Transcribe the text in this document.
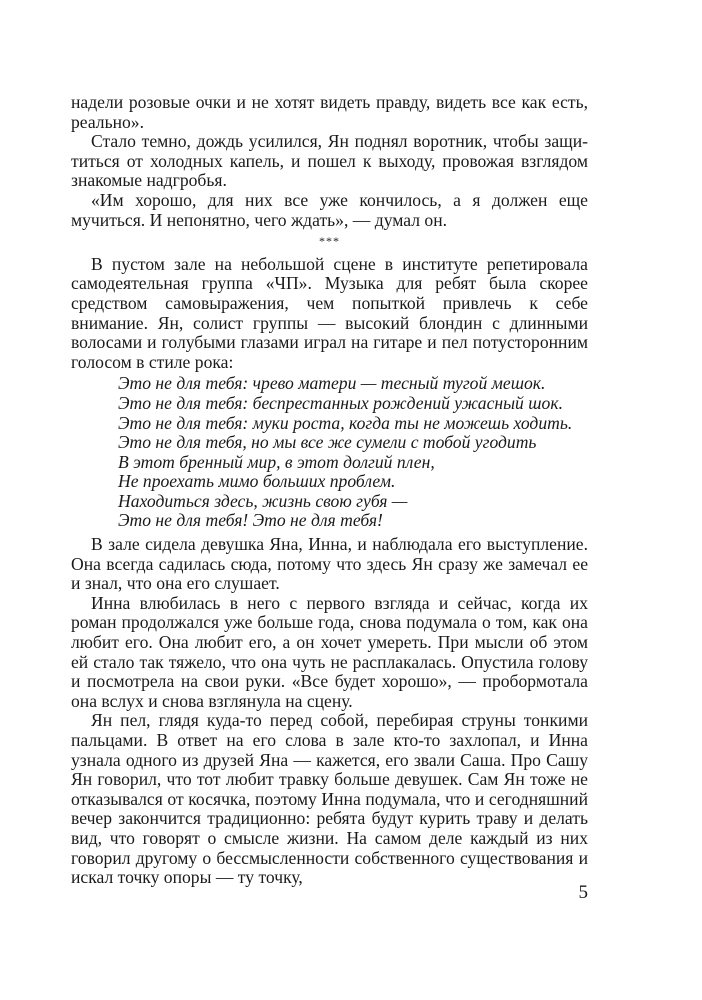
надели розовые очки и не хотят видеть правду, видеть все как есть, реально».

Стало темно, дождь усилился, Ян поднял воротник, чтобы защититься от холодных капель, и пошел к выходу, провожая взглядом знакомые надгробья.

«Им хорошо, для них все уже кончилось, а я должен еще мучиться. И непонятно, чего ждать», — думал он.

***

В пустом зале на небольшой сцене в институте репетировала самодеятельная группа «ЧП». Музыка для ребят была скорее средством самовыражения, чем попыткой привлечь к себе внимание. Ян, солист группы — высокий блондин с длинными волосами и голубыми глазами играл на гитаре и пел потусторонним голосом в стиле рока:

Это не для тебя: чрево матери — тесный тугой мешок.
Это не для тебя: беспрестанных рождений ужасный шок.
Это не для тебя: муки роста, когда ты не можешь ходить.
Это не для тебя, но мы все же сумели с тобой угодить
В этот бренный мир, в этот долгий плен,
Не проехать мимо больших проблем.
Находиться здесь, жизнь свою губя —
Это не для тебя! Это не для тебя!

В зале сидела девушка Яна, Инна, и наблюдала его выступление. Она всегда садилась сюда, потому что здесь Ян сразу же замечал ее и знал, что она его слушает.

Инна влюбилась в него с первого взгляда и сейчас, когда их роман продолжался уже больше года, снова подумала о том, как она любит его. Она любит его, а он хочет умереть. При мысли об этом ей стало так тяжело, что она чуть не расплакалась. Опустила голову и посмотрела на свои руки. «Все будет хорошо», — пробормотала она вслух и снова взглянула на сцену.

Ян пел, глядя куда-то перед собой, перебирая струны тонкими пальцами. В ответ на его слова в зале кто-то захлопал, и Инна узнала одного из друзей Яна — кажется, его звали Саша. Про Сашу Ян говорил, что тот любит травку больше девушек. Сам Ян тоже не отказывался от косячка, поэтому Инна подумала, что и сегодняшний вечер закончится традиционно: ребята будут курить траву и делать вид, что говорят о смысле жизни. На самом деле каждый из них говорил другому о бессмысленности собственного существования и искал точку опоры — ту точку,

5
